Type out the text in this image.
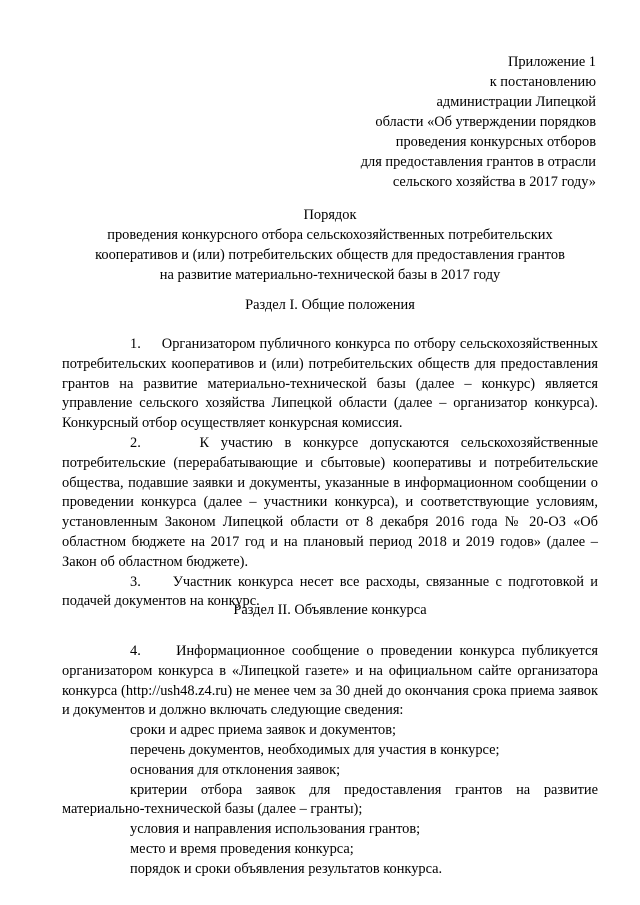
Приложение 1
к постановлению
администрации Липецкой
области «Об утверждении порядков
проведения конкурсных отборов
для предоставления грантов в отрасли
сельского хозяйства в 2017 году»
Порядок
проведения конкурсного отбора сельскохозяйственных потребительских
кооперативов и (или) потребительских обществ для предоставления грантов
на развитие материально-технической базы в 2017 году
Раздел I. Общие положения

1.     Организатором публичного конкурса по отбору сельскохозяйственных потребительских кооперативов и (или) потребительских обществ для предоставления грантов на развитие материально-технической базы (далее – конкурс) является управление сельского хозяйства Липецкой области (далее – организатор конкурса). Конкурсный отбор осуществляет конкурсная комиссия.

2.     К участию в конкурсе допускаются сельскохозяйственные потребительские (перерабатывающие и сбытовые) кооперативы и потребительские общества, подавшие заявки и документы, указанные в информационном сообщении о проведении конкурса (далее – участники конкурса), и соответствующие условиям, установленным Законом Липецкой области от 8 декабря 2016 года № 20-ОЗ «Об областном бюджете на 2017 год и на плановый период 2018 и 2019 годов» (далее – Закон об областном бюджете).

3.     Участник конкурса несет все расходы, связанные с подготовкой и подачей документов на конкурс.

Раздел II. Объявление конкурса

4.     Информационное сообщение о проведении конкурса публикуется организатором конкурса в «Липецкой газете» и на официальном сайте организатора конкурса (http://ush48.z4.ru) не менее чем за 30 дней до окончания срока приема заявок и документов и должно включать следующие сведения:

сроки и адрес приема заявок и документов;

перечень документов, необходимых для участия в конкурсе;

основания для отклонения заявок;

критерии отбора заявок для предоставления грантов на развитие материально-технической базы (далее – гранты);

условия и направления использования грантов;

место и время проведения конкурса;

порядок и сроки объявления результатов конкурса.
